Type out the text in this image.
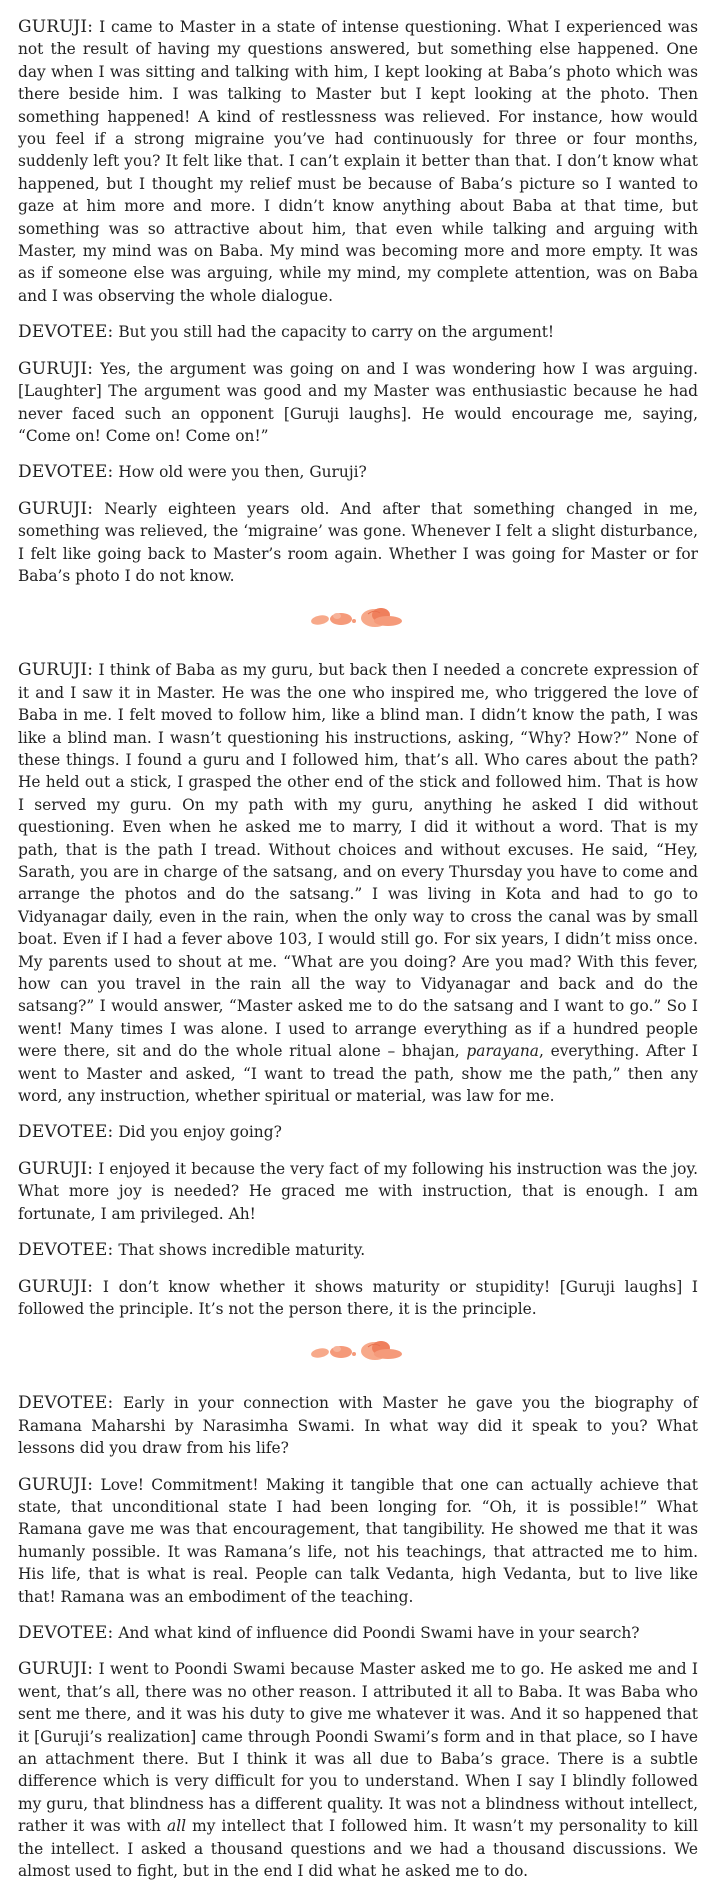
GURUJI: I came to Master in a state of intense questioning. What I experienced was not the result of having my questions answered, but something else happened. One day when I was sitting and talking with him, I kept looking at Baba’s photo which was there beside him. I was talking to Master but I kept looking at the photo. Then something happened! A kind of restlessness was relieved. For instance, how would you feel if a strong migraine you’ve had continuously for three or four months, suddenly left you? It felt like that. I can’t explain it better than that. I don’t know what happened, but I thought my relief must be because of Baba’s picture so I wanted to gaze at him more and more. I didn’t know anything about Baba at that time, but something was so attractive about him, that even while talking and arguing with Master, my mind was on Baba. My mind was becoming more and more empty. It was as if someone else was arguing, while my mind, my complete attention, was on Baba and I was observing the whole dialogue.

DEVOTEE: But you still had the capacity to carry on the argument!

GURUJI: Yes, the argument was going on and I was wondering how I was arguing. [Laughter] The argument was good and my Master was enthusiastic because he had never faced such an opponent [Guruji laughs]. He would encourage me, saying, “Come on! Come on! Come on!”

DEVOTEE: How old were you then, Guruji?

GURUJI: Nearly eighteen years old. And after that something changed in me, something was relieved, the ‘migraine’ was gone. Whenever I felt a slight disturbance, I felt like going back to Master’s room again. Whether I was going for Master or for Baba’s photo I do not know.

GURUJI: I think of Baba as my guru, but back then I needed a concrete expression of it and I saw it in Master. He was the one who inspired me, who triggered the love of Baba in me. I felt moved to follow him, like a blind man. I didn’t know the path, I was like a blind man. I wasn’t questioning his instructions, asking, “Why? How?” None of these things. I found a guru and I followed him, that’s all. Who cares about the path? He held out a stick, I grasped the other end of the stick and followed him. That is how I served my guru. On my path with my guru, anything he asked I did without questioning. Even when he asked me to marry, I did it without a word. That is my path, that is the path I tread. Without choices and without excuses. He said, “Hey, Sarath, you are in charge of the satsang, and on every Thursday you have to come and arrange the photos and do the satsang.” I was living in Kota and had to go to Vidyanagar daily, even in the rain, when the only way to cross the canal was by small boat. Even if I had a fever above 103, I would still go. For six years, I didn’t miss once. My parents used to shout at me. “What are you doing? Are you mad? With this fever, how can you travel in the rain all the way to Vidyanagar and back and do the satsang?” I would answer, “Master asked me to do the satsang and I want to go.” So I went! Many times I was alone. I used to arrange everything as if a hundred people were there, sit and do the whole ritual alone – bhajan, parayana, everything. After I went to Master and asked, “I want to tread the path, show me the path,” then any word, any instruction, whether spiritual or material, was law for me.

DEVOTEE: Did you enjoy going?

GURUJI: I enjoyed it because the very fact of my following his instruction was the joy. What more joy is needed? He graced me with instruction, that is enough. I am fortunate, I am privileged. Ah!

DEVOTEE: That shows incredible maturity.

GURUJI: I don’t know whether it shows maturity or stupidity! [Guruji laughs] I followed the principle. It’s not the person there, it is the principle.

DEVOTEE: Early in your connection with Master he gave you the biography of Ramana Maharshi by Narasimha Swami. In what way did it speak to you? What lessons did you draw from his life?

GURUJI: Love! Commitment! Making it tangible that one can actually achieve that state, that unconditional state I had been longing for. “Oh, it is possible!” What Ramana gave me was that encouragement, that tangibility. He showed me that it was humanly possible. It was Ramana’s life, not his teachings, that attracted me to him. His life, that is what is real. People can talk Vedanta, high Vedanta, but to live like that! Ramana was an embodiment of the teaching.

DEVOTEE: And what kind of influence did Poondi Swami have in your search?

GURUJI: I went to Poondi Swami because Master asked me to go. He asked me and I went, that’s all, there was no other reason. I attributed it all to Baba. It was Baba who sent me there, and it was his duty to give me whatever it was. And it so happened that it [Guruji’s realization] came through Poondi Swami’s form and in that place, so I have an attachment there. But I think it was all due to Baba’s grace. There is a subtle difference which is very difficult for you to understand. When I say I blindly followed my guru, that blindness has a different quality. It was not a blindness without intellect, rather it was with all my intellect that I followed him. It wasn’t my personality to kill the intellect. I asked a thousand questions and we had a thousand discussions. We almost used to fight, but in the end I did what he asked me to do.
